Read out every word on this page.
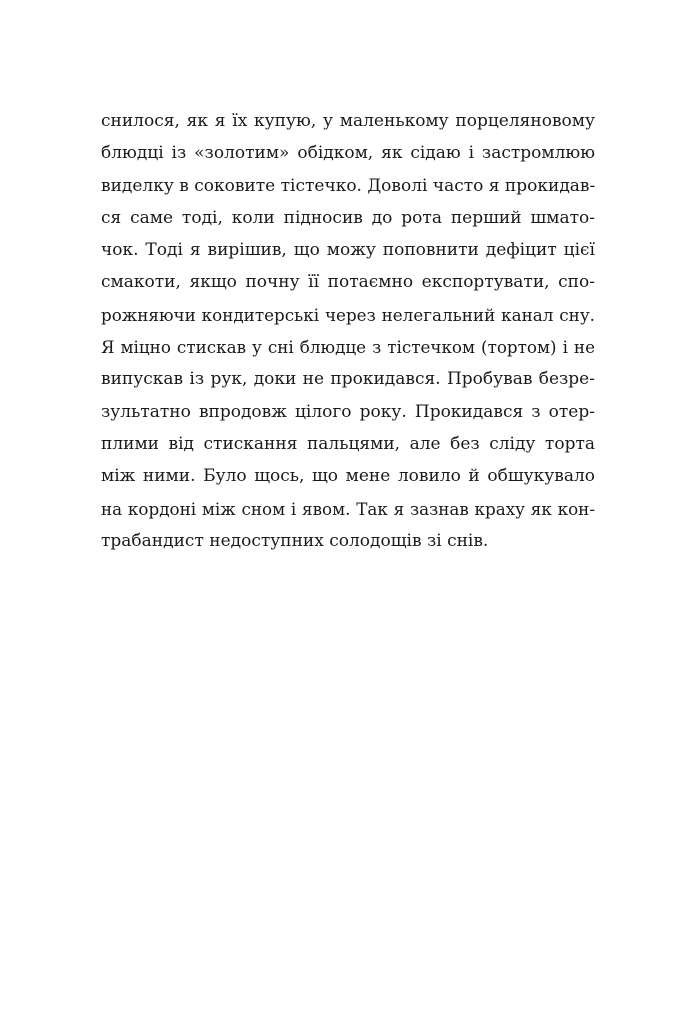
снилося, як я їх купую, у маленькому порцеляновому
блюдці із «золотим» обідком, як сідаю і застромлюю
виделку в соковите тістечко. Доволі часто я прокидав-
ся саме тоді, коли підносив до рота перший шмато-
чок. Тоді я вирішив, що можу поповнити дефіцит цієї
смакоти, якщо почну її потаємно експортувати, спо-
рожняючи кондитерські через нелегальний канал сну.
Я міцно стискав у сні блюдце з тістечком (тортом) і не
випускав із рук, доки не прокидався. Пробував безре-
зультатно впродовж цілого року. Прокидався з отер-
плими від стискання пальцями, але без сліду торта
між ними. Було щось, що мене ловило й обшукувало
на кордоні між сном і явом. Так я зазнав краху як кон-
трабандист недоступних солодощів зі снів.
